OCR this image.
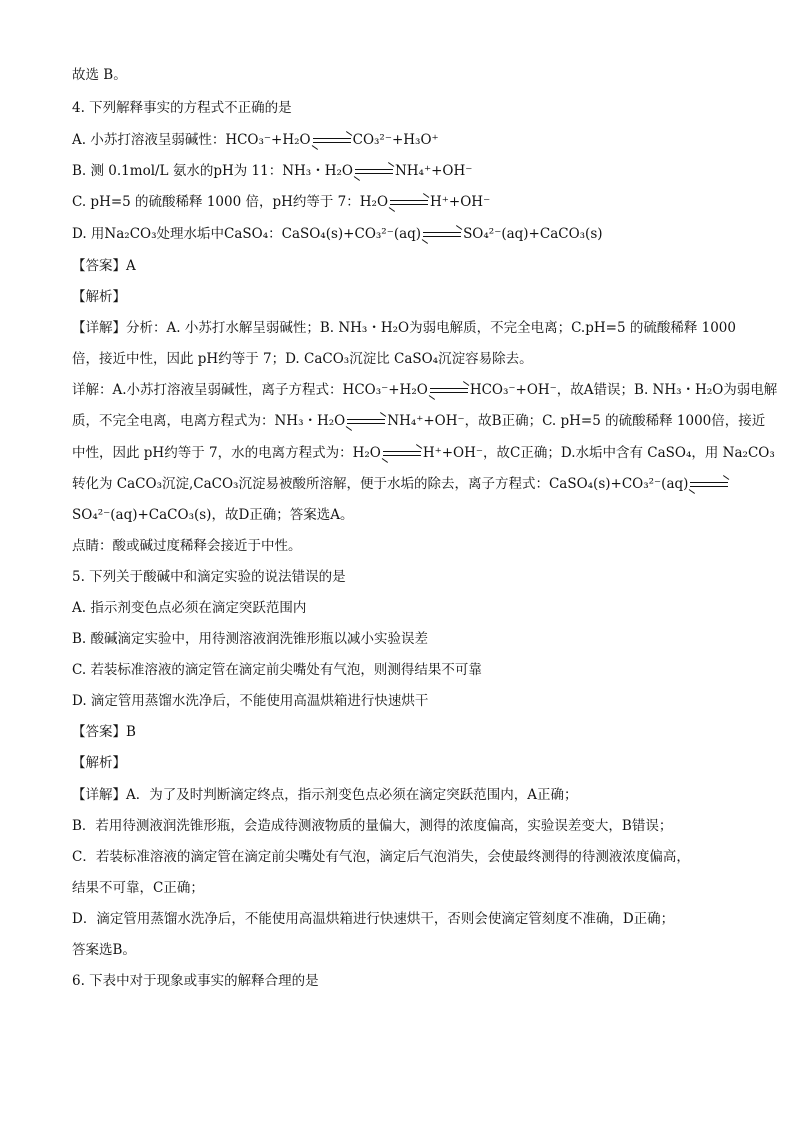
故选 B。
4. 下列解释事实的方程式不正确的是
A. 小苏打溶液呈弱碱性：HCO₃⁻+H₂O	CO₃²⁻+H₃O⁺
B. 测 0.1mol/L 氨水的pH为 11：NH₃・H₂O	NH₄⁺+OH⁻
C. pH=5 的硫酸稀释 1000 倍，pH约等于 7：H₂O	H⁺+OH⁻
D. 用Na₂CO₃处理水垢中CaSO₄：CaSO₄(s)+CO₃²⁻(aq)	SO₄²⁻(aq)+CaCO₃(s)
【答案】A
【解析】
【详解】分析：A. 小苏打水解呈弱碱性；B. NH₃・H₂O为弱电解质，不完全电离；C.pH=5 的硫酸稀释 1000
倍，接近中性，因此 pH约等于 7；D. CaCO₃沉淀比 CaSO₄沉淀容易除去。
详解：A.小苏打溶液呈弱碱性，离子方程式：HCO₃⁻+H₂O	HCO₃⁻+OH⁻，故A错误；B. NH₃・H₂O为弱电解
质，不完全电离，电离方程式为：NH₃・H₂O	NH₄⁺+OH⁻，故B正确；C. pH=5 的硫酸稀释 1000倍，接近
中性，因此 pH约等于 7，水的电离方程式为：H₂O	H⁺+OH⁻，故C正确；D.水垢中含有 CaSO₄，用 Na₂CO₃
转化为 CaCO₃沉淀,CaCO₃沉淀易被酸所溶解，便于水垢的除去，离子方程式：CaSO₄(s)+CO₃²⁻(aq)
SO₄²⁻(aq)+CaCO₃(s)，故D正确；答案选A。
点睛：酸或碱过度稀释会接近于中性。
5. 下列关于酸碱中和滴定实验的说法错误的是
A. 指示剂变色点必须在滴定突跃范围内
B. 酸碱滴定实验中，用待测溶液润洗锥形瓶以减小实验误差
C. 若装标准溶液的滴定管在滴定前尖嘴处有气泡，则测得结果不可靠
D. 滴定管用蒸馏水洗净后，不能使用高温烘箱进行快速烘干
【答案】B
【解析】
【详解】A．为了及时判断滴定终点，指示剂变色点必须在滴定突跃范围内，A正确；
B．若用待测液润洗锥形瓶，会造成待测液物质的量偏大，测得的浓度偏高，实验误差变大，B错误；
C．若装标准溶液的滴定管在滴定前尖嘴处有气泡，滴定后气泡消失，会使最终测得的待测液浓度偏高，
结果不可靠，C正确；
D．滴定管用蒸馏水洗净后，不能使用高温烘箱进行快速烘干，否则会使滴定管刻度不准确，D正确；
答案选B。
6. 下表中对于现象或事实的解释合理的是
